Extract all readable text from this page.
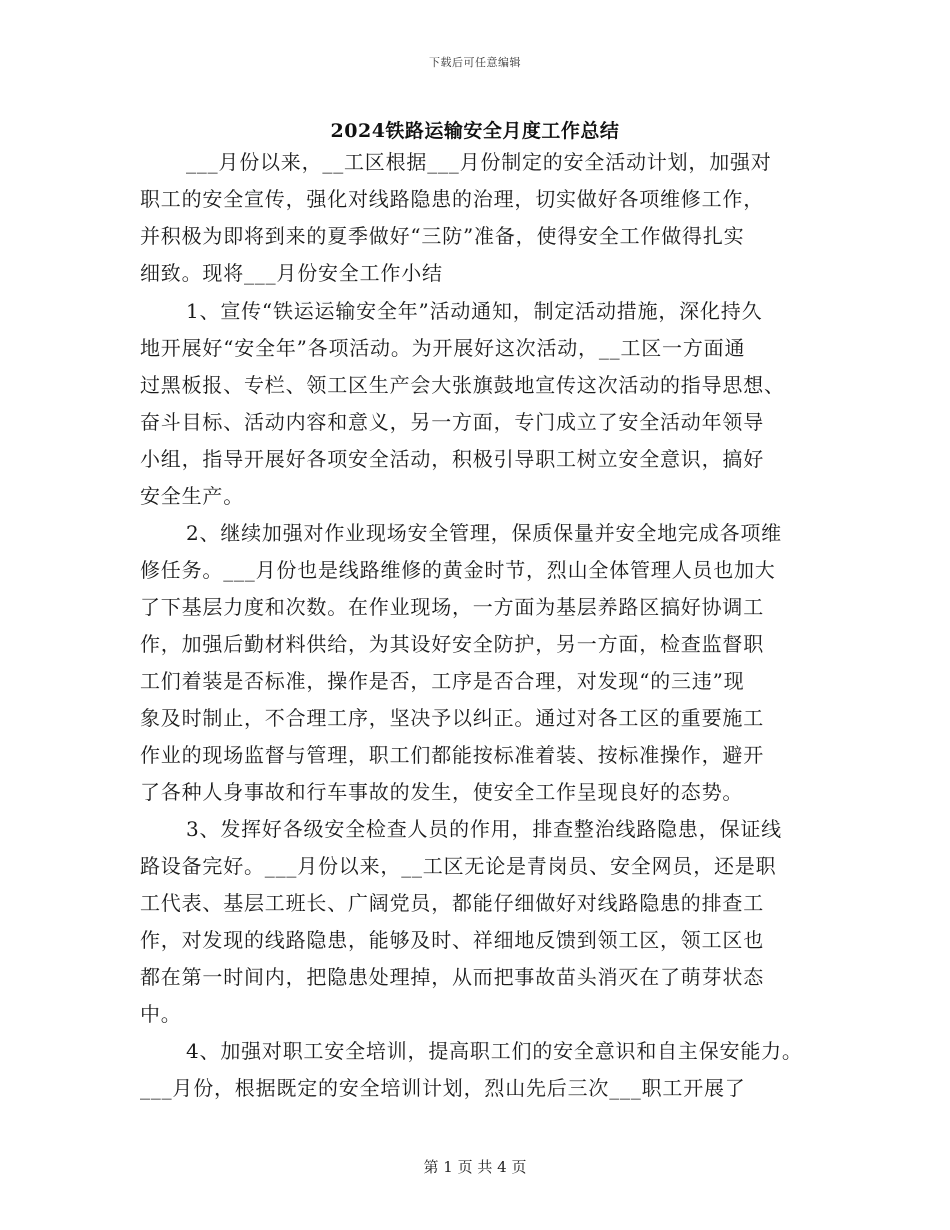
下载后可任意编辑
2024铁路运输安全月度工作总结
___月份以来，__工区根据___月份制定的安全活动计划，加强对
职工的安全宣传，强化对线路隐患的治理，切实做好各项维修工作，
并积极为即将到来的夏季做好“三防”准备，使得安全工作做得扎实
细致。现将___月份安全工作小结
1、宣传“铁运运输安全年”活动通知，制定活动措施，深化持久
地开展好“安全年”各项活动。为开展好这次活动，__工区一方面通
过黑板报、专栏、领工区生产会大张旗鼓地宣传这次活动的指导思想、
奋斗目标、活动内容和意义，另一方面，专门成立了安全活动年领导
小组，指导开展好各项安全活动，积极引导职工树立安全意识，搞好
安全生产。
2、继续加强对作业现场安全管理，保质保量并安全地完成各项维
修任务。___月份也是线路维修的黄金时节，烈山全体管理人员也加大
了下基层力度和次数。在作业现场，一方面为基层养路区搞好协调工
作，加强后勤材料供给，为其设好安全防护，另一方面，检查监督职
工们着装是否标准，操作是否，工序是否合理，对发现“的三违”现
象及时制止，不合理工序，坚决予以纠正。通过对各工区的重要施工
作业的现场监督与管理，职工们都能按标准着装、按标准操作，避开
了各种人身事故和行车事故的发生，使安全工作呈现良好的态势。
3、发挥好各级安全检查人员的作用，排查整治线路隐患，保证线
路设备完好。___月份以来，__工区无论是青岗员、安全网员，还是职
工代表、基层工班长、广阔党员，都能仔细做好对线路隐患的排查工
作，对发现的线路隐患，能够及时、祥细地反馈到领工区，领工区也
都在第一时间内，把隐患处理掉，从而把事故苗头消灭在了萌芽状态
中。
4、加强对职工安全培训，提高职工们的安全意识和自主保安能力。
___月份，根据既定的安全培训计划，烈山先后三次___职工开展了
第 1 页 共 4 页
